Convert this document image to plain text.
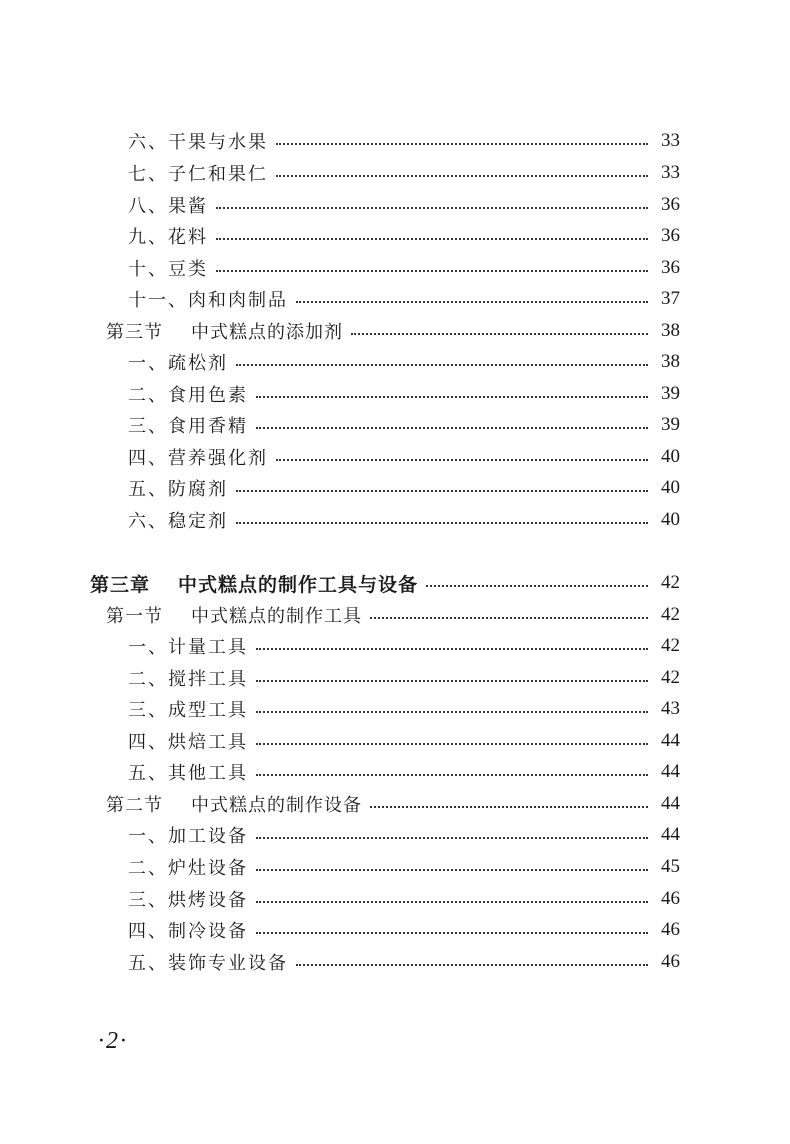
六、干果与水果	33
七、子仁和果仁	33
八、果酱	36
九、花料	36
十、豆类	36
十一、肉和肉制品	37
第三节 中式糕点的添加剂	38
一、疏松剂	38
二、食用色素	39
三、食用香精	39
四、营养强化剂	40
五、防腐剂	40
六、稳定剂	40
第三章 中式糕点的制作工具与设备	42
第一节 中式糕点的制作工具	42
一、计量工具	42
二、搅拌工具	42
三、成型工具	43
四、烘焙工具	44
五、其他工具	44
第二节 中式糕点的制作设备	44
一、加工设备	44
二、炉灶设备	45
三、烘烤设备	46
四、制冷设备	46
五、装饰专业设备	46
·2·
